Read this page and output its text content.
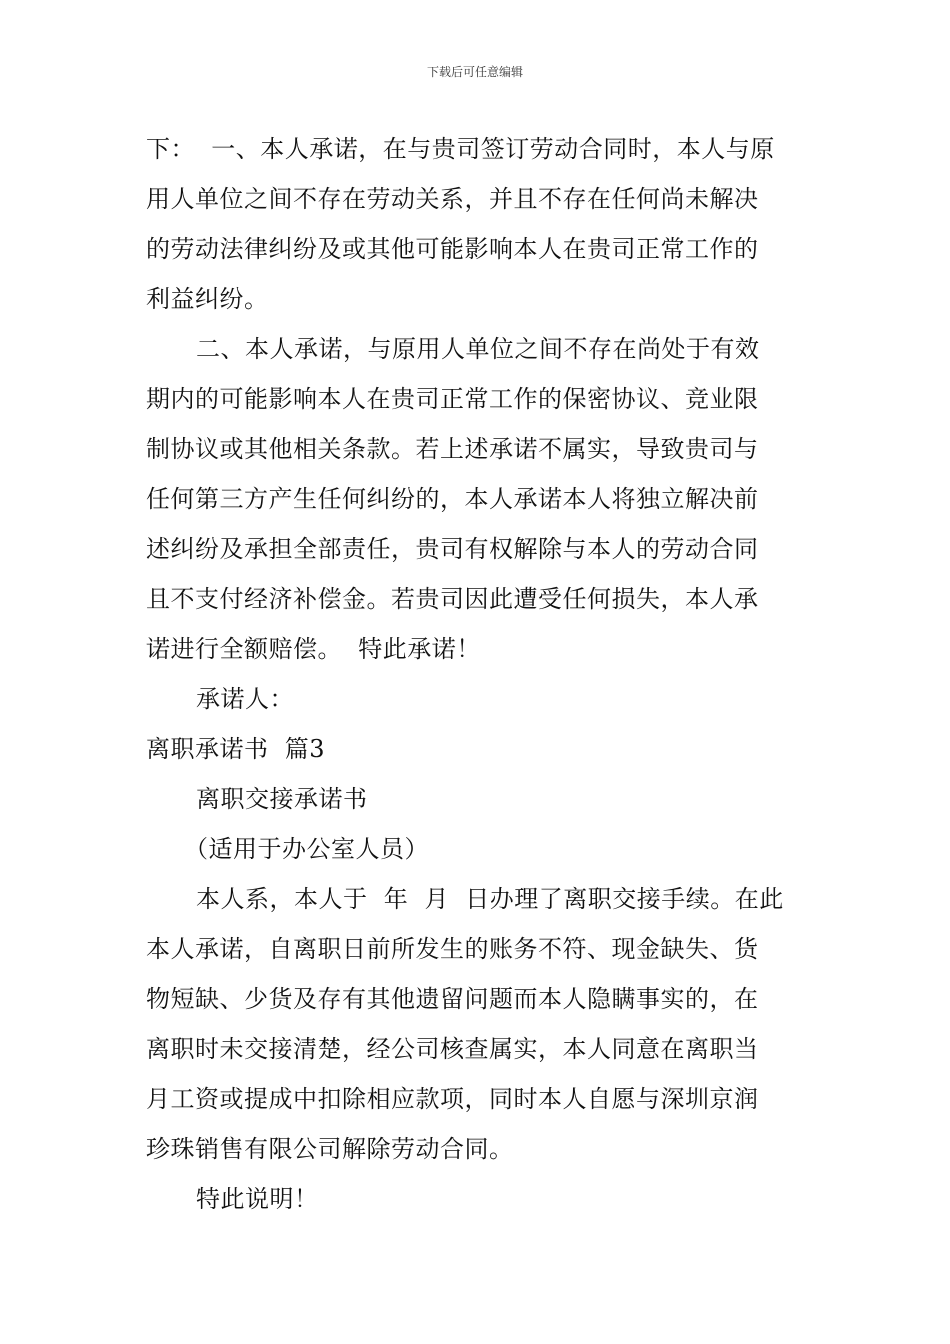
下载后可任意编辑
下：  一、本人承诺，在与贵司签订劳动合同时，本人与原
用人单位之间不存在劳动关系，并且不存在任何尚未解决
的劳动法律纠纷及或其他可能影响本人在贵司正常工作的
利益纠纷。
二、本人承诺，与原用人单位之间不存在尚处于有效
期内的可能影响本人在贵司正常工作的保密协议、竞业限
制协议或其他相关条款。若上述承诺不属实，导致贵司与
任何第三方产生任何纠纷的，本人承诺本人将独立解决前
述纠纷及承担全部责任，贵司有权解除与本人的劳动合同
且不支付经济补偿金。若贵司因此遭受任何损失，本人承
诺进行全额赔偿。  特此承诺！
承诺人：
离职承诺书  篇3
离职交接承诺书
（适用于办公室人员）
本人系，本人于  年  月  日办理了离职交接手续。在此
本人承诺，自离职日前所发生的账务不符、现金缺失、货
物短缺、少货及存有其他遗留问题而本人隐瞒事实的，在
离职时未交接清楚，经公司核查属实，本人同意在离职当
月工资或提成中扣除相应款项，同时本人自愿与深圳京润
珍珠销售有限公司解除劳动合同。
特此说明！
